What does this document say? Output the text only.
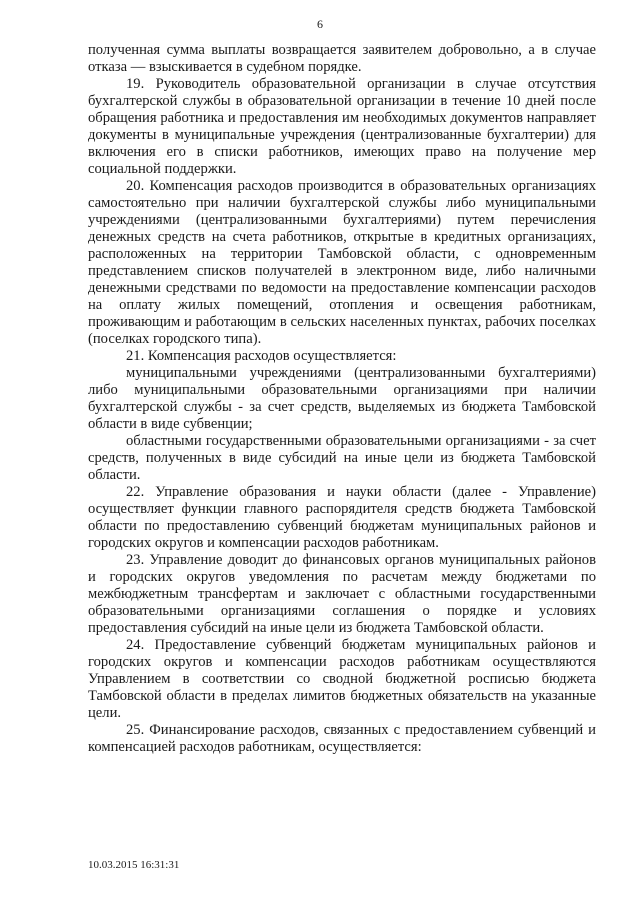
6

полученная сумма выплаты возвращается заявителем добровольно, а в случае отказа — взыскивается в судебном порядке.

19. Руководитель образовательной организации в случае отсутствия бухгалтерской службы в образовательной организации в течение 10 дней после обращения работника и предоставления им необходимых документов направляет документы в муниципальные учреждения (централизованные бухгалтерии) для включения его в списки работников, имеющих право на получение мер социальной поддержки.

20. Компенсация расходов производится в образовательных организациях самостоятельно при наличии бухгалтерской службы либо муниципальными учреждениями (централизованными бухгалтериями) путем перечисления денежных средств на счета работников, открытые в кредитных организациях, расположенных на территории Тамбовской области, с одновременным представлением списков получателей в электронном виде, либо наличными денежными средствами по ведомости на предоставление компенсации расходов на оплату жилых помещений, отопления и освещения работникам, проживающим и работающим в сельских населенных пунктах, рабочих поселках (поселках городского типа).

21. Компенсация расходов осуществляется:

муниципальными учреждениями (централизованными бухгалтериями) либо муниципальными образовательными организациями при наличии бухгалтерской службы - за счет средств, выделяемых из бюджета Тамбовской области в виде субвенции;

областными государственными образовательными организациями - за счет средств, полученных в виде субсидий на иные цели из бюджета Тамбовской области.

22. Управление образования и науки области (далее - Управление) осуществляет функции главного распорядителя средств бюджета Тамбовской области по предоставлению субвенций бюджетам муниципальных районов и городских округов и компенсации расходов работникам.

23. Управление доводит до финансовых органов муниципальных районов и городских округов уведомления по расчетам между бюджетами по межбюджетным трансфертам и заключает с областными государственными образовательными организациями соглашения о порядке и условиях предоставления субсидий на иные цели из бюджета Тамбовской области.

24. Предоставление субвенций бюджетам муниципальных районов и городских округов и компенсации расходов работникам осуществляются Управлением в соответствии со сводной бюджетной росписью бюджета Тамбовской области в пределах лимитов бюджетных обязательств на указанные цели.

25. Финансирование расходов, связанных с предоставлением субвенций и компенсацией расходов работникам, осуществляется:

10.03.2015 16:31:31
